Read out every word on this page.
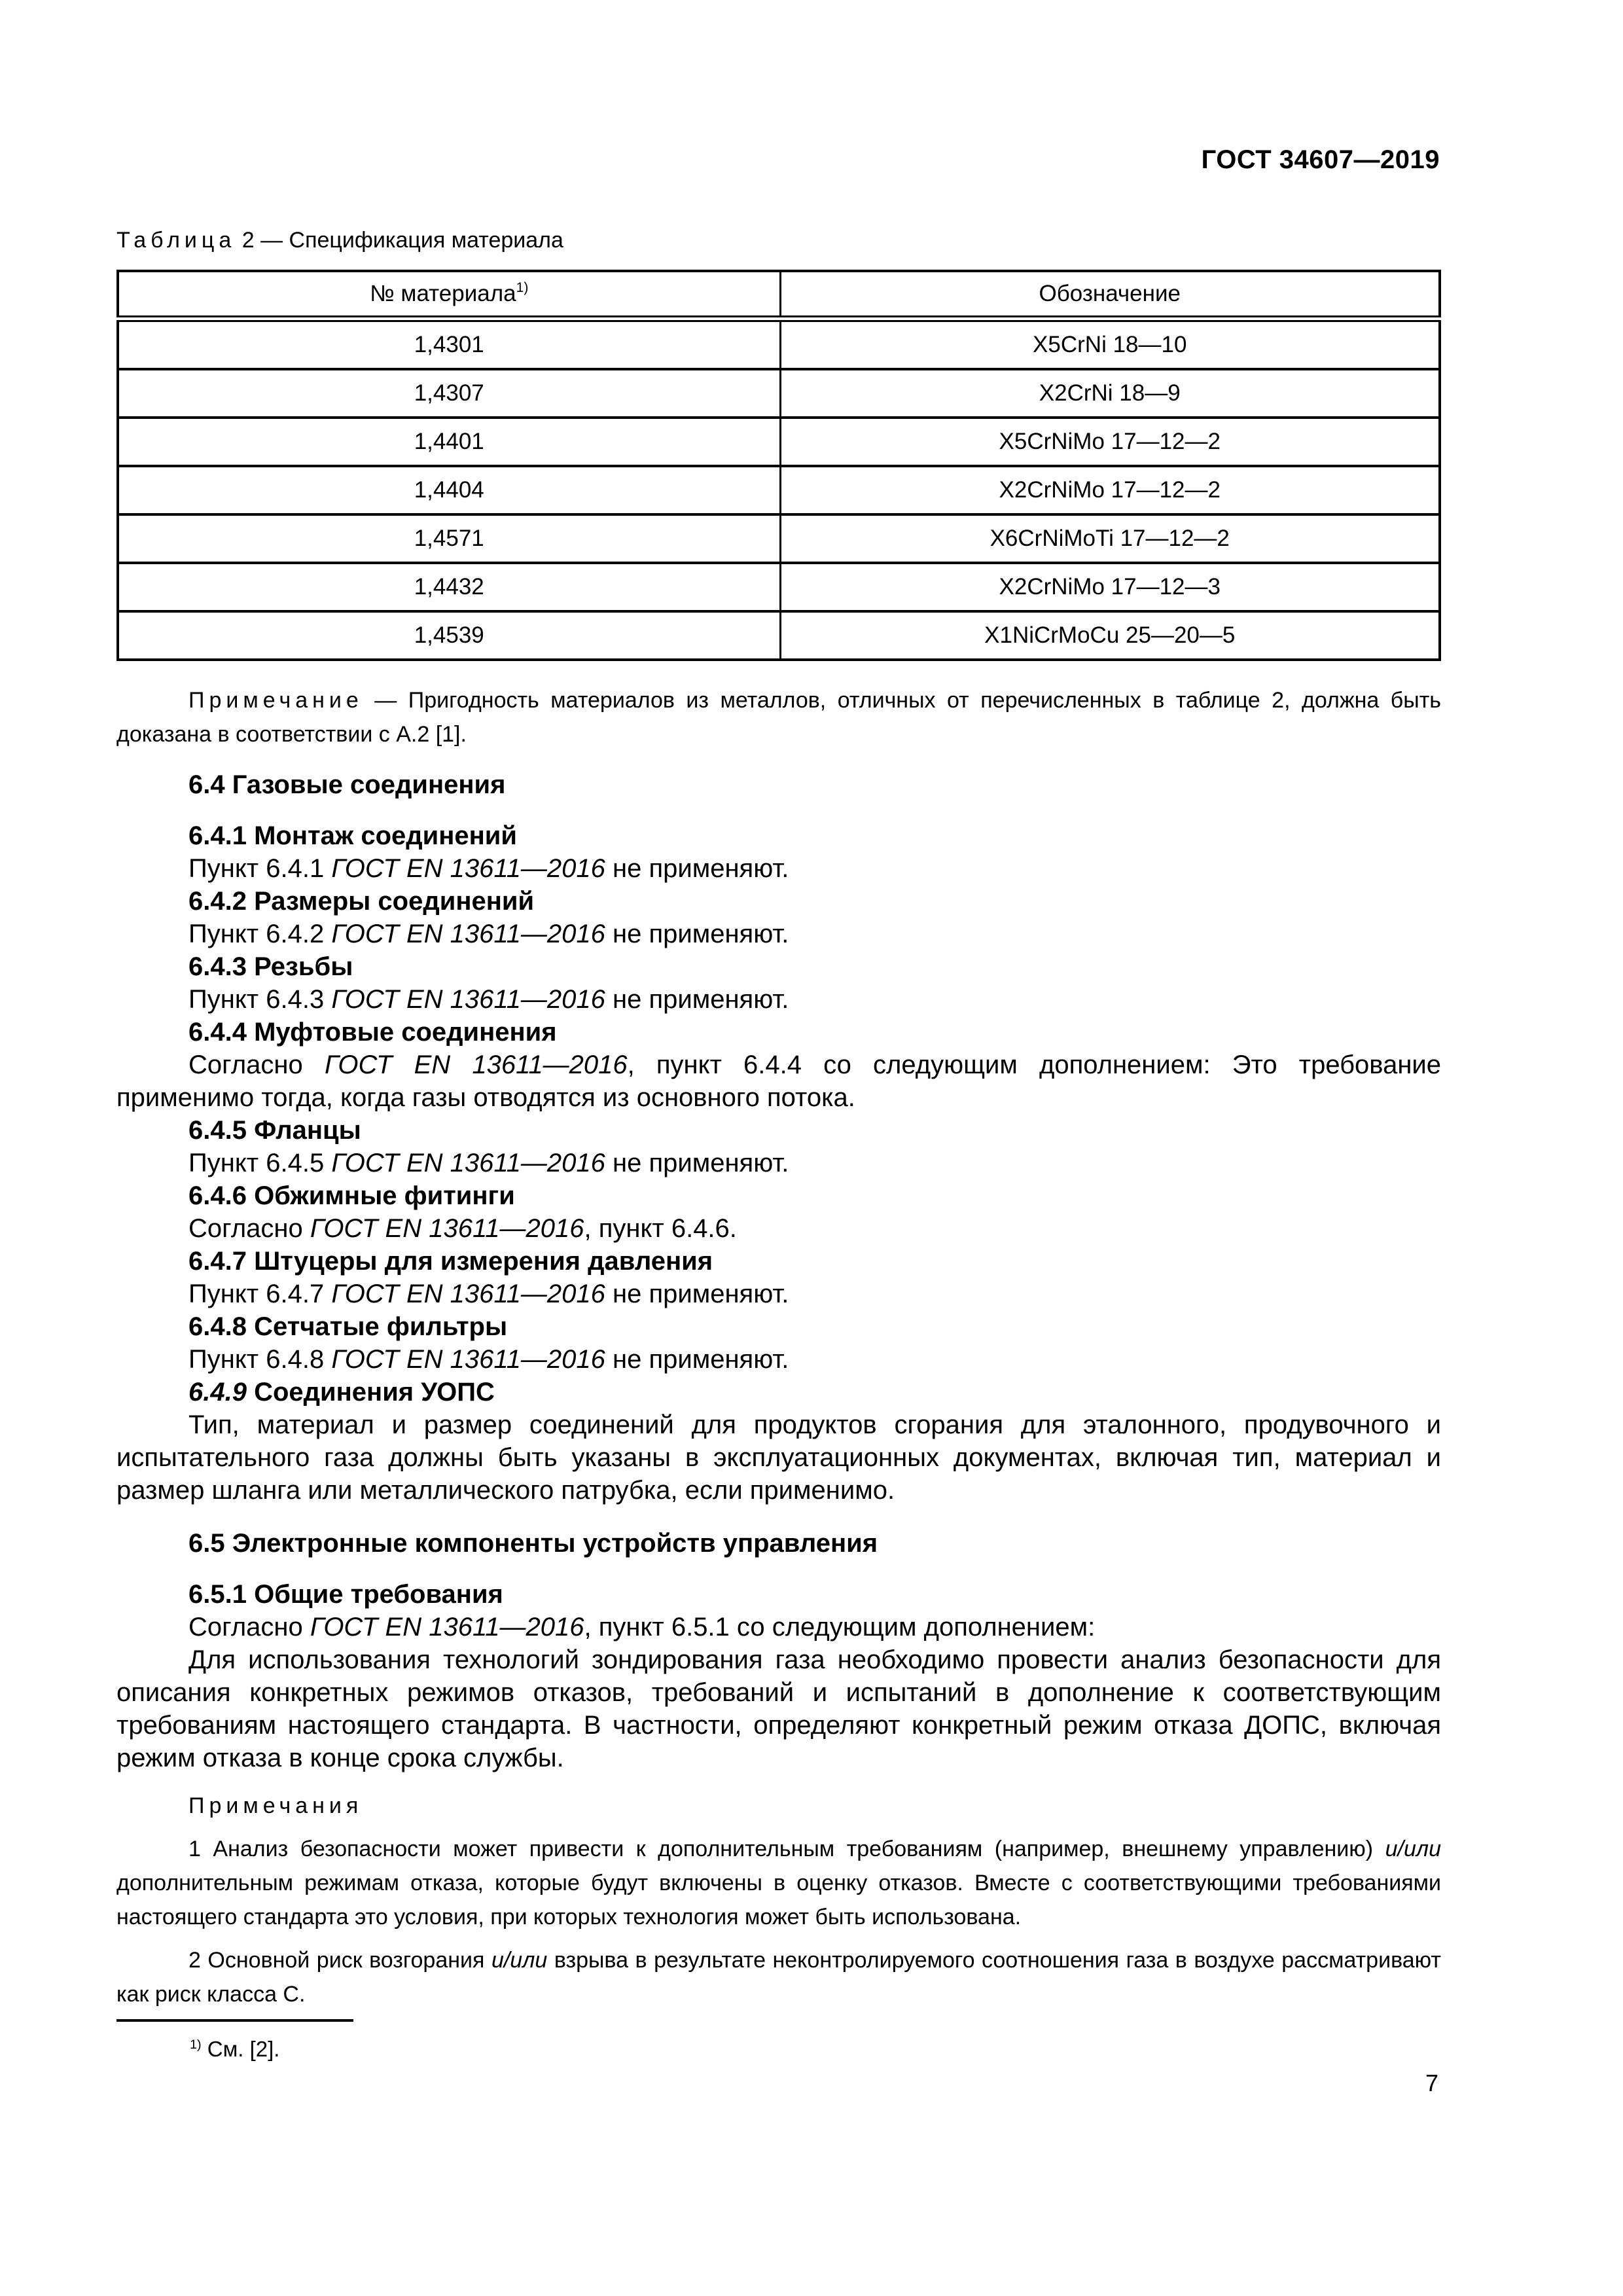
ГОСТ 34607—2019
Таблица 2 — Спецификация материала
№ материала$^{1)}$	Обозначение
1,4301	X5CrNi 18—10
1,4307	X2CrNi 18—9
1,4401	X5CrNiMo 17—12—2
1,4404	X2CrNiMo 17—12—2
1,4571	X6CrNiMoTi 17—12—2
1,4432	X2CrNiMo 17—12—3
1,4539	X1NiCrMoCu 25—20—5
Примечание — Пригодность материалов из металлов, отличных от перечисленных в таблице 2, должна быть доказана в соответствии с А.2 [1].
6.4 Газовые соединения
6.4.1 Монтаж соединений
Пункт 6.4.1 ГОСТ EN 13611—2016 не применяют.
6.4.2 Размеры соединений
Пункт 6.4.2 ГОСТ EN 13611—2016 не применяют.
6.4.3 Резьбы
Пункт 6.4.3 ГОСТ EN 13611—2016 не применяют.
6.4.4 Муфтовые соединения
Согласно ГОСТ EN 13611—2016, пункт 6.4.4 со следующим дополнением: Это требование применимо тогда, когда газы отводятся из основного потока.
6.4.5 Фланцы
Пункт 6.4.5 ГОСТ EN 13611—2016 не применяют.
6.4.6 Обжимные фитинги
Согласно ГОСТ EN 13611—2016, пункт 6.4.6.
6.4.7 Штуцеры для измерения давления
Пункт 6.4.7 ГОСТ EN 13611—2016 не применяют.
6.4.8 Сетчатые фильтры
Пункт 6.4.8 ГОСТ EN 13611—2016 не применяют.
6.4.9 Соединения УОПС
Тип, материал и размер соединений для продуктов сгорания для эталонного, продувочного и испытательного газа должны быть указаны в эксплуатационных документах, включая тип, материал и размер шланга или металлического патрубка, если применимо.
6.5 Электронные компоненты устройств управления
6.5.1 Общие требования
Согласно ГОСТ EN 13611—2016, пункт 6.5.1 со следующим дополнением:
Для использования технологий зондирования газа необходимо провести анализ безопасности для описания конкретных режимов отказов, требований и испытаний в дополнение к соответствующим требованиям настоящего стандарта. В частности, определяют конкретный режим отказа ДОПС, включая режим отказа в конце срока службы.
Примечания
1 Анализ безопасности может привести к дополнительным требованиям (например, внешнему управлению) и/или дополнительным режимам отказа, которые будут включены в оценку отказов. Вместе с соответствующими требованиями настоящего стандарта это условия, при которых технология может быть использована.
2 Основной риск возгорания и/или взрыва в результате неконтролируемого соотношения газа в воздухе рассматривают как риск класса С.
$^{1)}$ См. [2].
7
